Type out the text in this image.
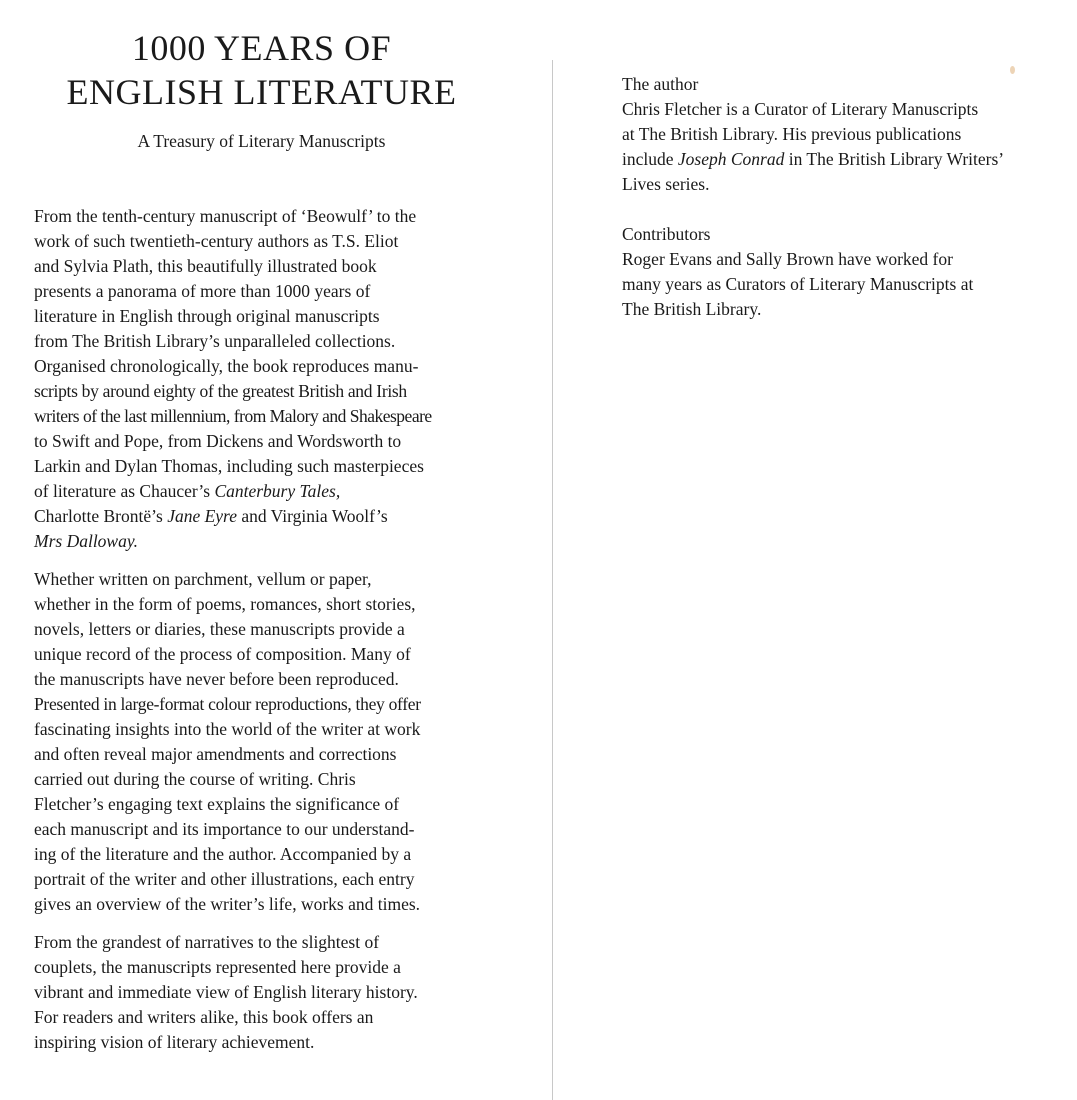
1000 YEARS OF
ENGLISH LITERATURE

A Treasury of Literary Manuscripts

From the tenth-century manuscript of ‘Beowulf’ to the
work of such twentieth-century authors as T.S. Eliot
and Sylvia Plath, this beautifully illustrated book
presents a panorama of more than 1000 years of
literature in English through original manuscripts
from The British Library’s unparalleled collections.
Organised chronologically, the book reproduces manu-
scripts by around eighty of the greatest British and Irish
writers of the last millennium, from Malory and Shakespeare
to Swift and Pope, from Dickens and Wordsworth to
Larkin and Dylan Thomas, including such masterpieces
of literature as Chaucer’s Canterbury Tales,
Charlotte Brontë’s Jane Eyre and Virginia Woolf’s
Mrs Dalloway.

Whether written on parchment, vellum or paper,
whether in the form of poems, romances, short stories,
novels, letters or diaries, these manuscripts provide a
unique record of the process of composition. Many of
the manuscripts have never before been reproduced.
Presented in large-format colour reproductions, they offer
fascinating insights into the world of the writer at work
and often reveal major amendments and corrections
carried out during the course of writing. Chris
Fletcher’s engaging text explains the significance of
each manuscript and its importance to our understand-
ing of the literature and the author. Accompanied by a
portrait of the writer and other illustrations, each entry
gives an overview of the writer’s life, works and times.

From the grandest of narratives to the slightest of
couplets, the manuscripts represented here provide a
vibrant and immediate view of English literary history.
For readers and writers alike, this book offers an
inspiring vision of literary achievement.

The author
Chris Fletcher is a Curator of Literary Manuscripts
at The British Library. His previous publications
include Joseph Conrad in The British Library Writers’
Lives series.

Contributors
Roger Evans and Sally Brown have worked for
many years as Curators of Literary Manuscripts at
The British Library.
